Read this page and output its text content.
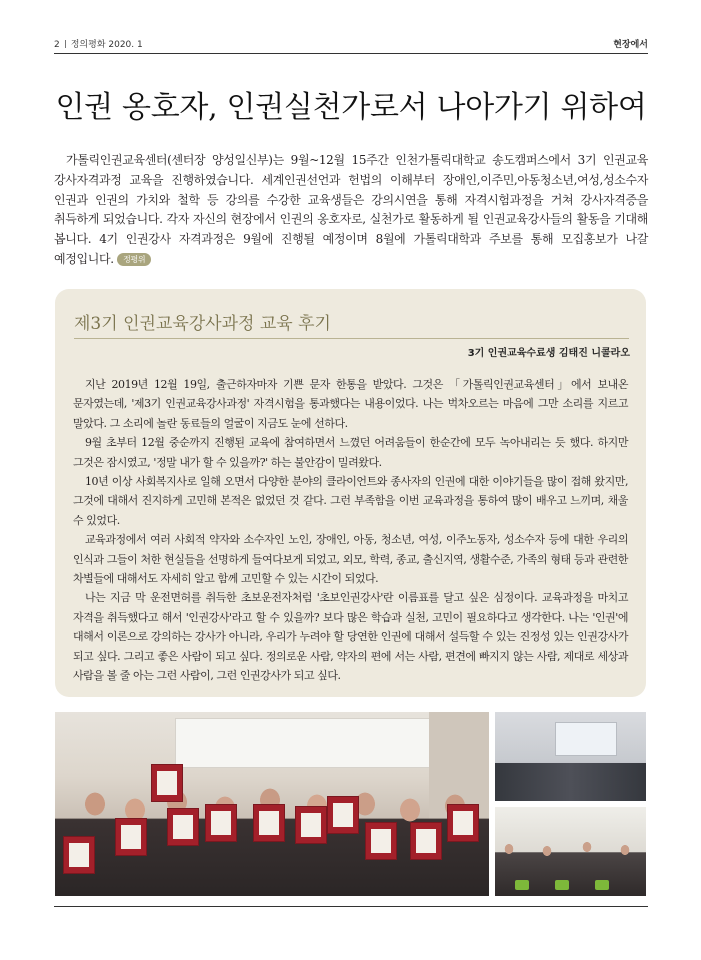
2 정의평화 2020. 1	현장에서
인권 옹호자, 인권실천가로서 나아가기 위하여

가톨릭인권교육센터(센터장 양성일신부)는 9월~12월 15주간 인천가톨릭대학교 송도캠퍼스에서 3기 인권교육 강사자격과정 교육을 진행하였습니다. 세계인권선언과 헌법의 이해부터 장애인,이주민,아동청소년,여성,성소수자 인권과 인권의 가치와 철학 등 강의를 수강한 교육생들은 강의시연을 통해 자격시험과정을 거쳐 강사자격증을 취득하게 되었습니다. 각자 자신의 현장에서 인권의 옹호자로, 실천가로 활동하게 될 인권교육강사들의 활동을 기대해 봅니다. 4기 인권강사 자격과정은 9월에 진행될 예정이며 8월에 가톨릭대학과 주보를 통해 모집홍보가 나갈 예정입니다. 정평위

제3기 인권교육강사과정 교육 후기
3기 인권교육수료생 김태진 니콜라오

지난 2019년 12월 19일, 출근하자마자 기쁜 문자 한통을 받았다. 그것은 「가톨릭인권교육센터」에서 보내온 문자였는데, '제3기 인권교육강사과정' 자격시험을 통과했다는 내용이었다. 나는 벅차오르는 마음에 그만 소리를 지르고 말았다. 그 소리에 놀란 동료들의 얼굴이 지금도 눈에 선하다.

9월 초부터 12월 중순까지 진행된 교육에 참여하면서 느꼈던 어려움들이 한순간에 모두 녹아내리는 듯 했다. 하지만 그것은 잠시였고, '정말 내가 할 수 있을까?' 하는 불안감이 밀려왔다.

10년 이상 사회복지사로 일해 오면서 다양한 분야의 클라이언트와 종사자의 인권에 대한 이야기들을 많이 접해 왔지만, 그것에 대해서 진지하게 고민해 본적은 없었던 것 같다. 그런 부족함을 이번 교육과정을 통하여 많이 배우고 느끼며, 채울 수 있었다.

교육과정에서 여러 사회적 약자와 소수자인 노인, 장애인, 아동, 청소년, 여성, 이주노동자, 성소수자 등에 대한 우리의 인식과 그들이 처한 현실들을 선명하게 들여다보게 되었고, 외모, 학력, 종교, 출신지역, 생활수준, 가족의 형태 등과 관련한 차별들에 대해서도 자세히 알고 함께 고민할 수 있는 시간이 되었다.

나는 지금 막 운전면허를 취득한 초보운전자처럼 '초보인권강사'란 이름표를 달고 싶은 심정이다. 교육과정을 마치고 자격을 취득했다고 해서 '인권강사'라고 할 수 있을까? 보다 많은 학습과 실천, 고민이 필요하다고 생각한다. 나는 '인권'에 대해서 이론으로 강의하는 강사가 아니라, 우리가 누려야 할 당연한 인권에 대해서 설득할 수 있는 진정성 있는 인권강사가 되고 싶다. 그리고 좋은 사람이 되고 싶다. 정의로운 사람, 약자의 편에 서는 사람, 편견에 빠지지 않는 사람, 제대로 세상과 사람을 볼 줄 아는 그런 사람이, 그런 인권강사가 되고 싶다.
